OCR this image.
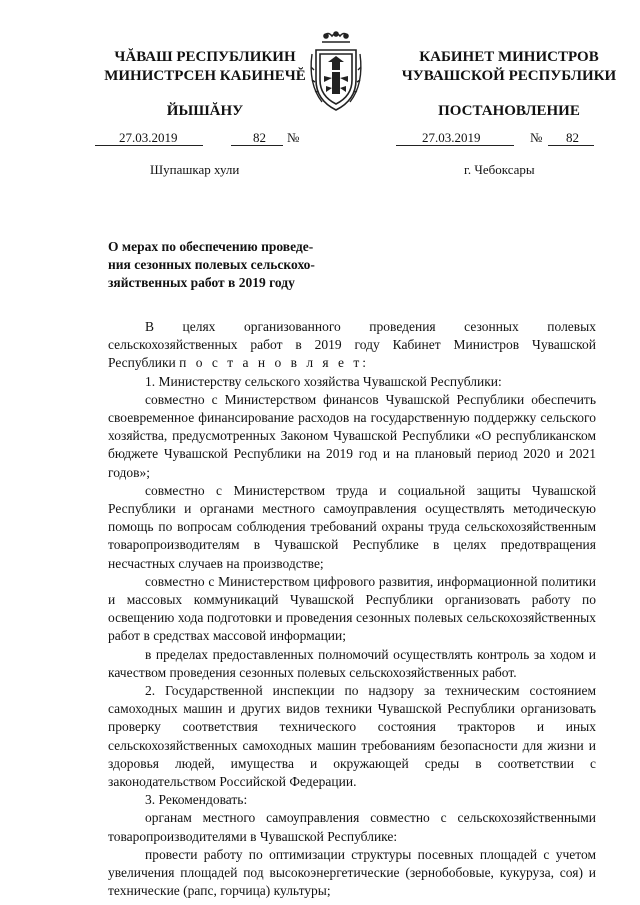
ЧĂВАШ РЕСПУБЛИКИН
МИНИСТРСЕН КАБИНЕЧĔ
ЙЫШĂНУ
КАБИНЕТ МИНИСТРОВ
ЧУВАШСКОЙ РЕСПУБЛИКИ
ПОСТАНОВЛЕНИЕ
27.03.2019	82 №	27.03.2019	№ 82
Шупашкар хули	г. Чебоксары
О мерах по обеспечению проведе-
ния сезонных полевых сельскохо-
зяйственных работ в 2019 году

В целях организованного проведения сезонных полевых сельскохозяйственных работ в 2019 году Кабинет Министров Чувашской Республики п о с т а н о в л я е т:

1. Министерству сельского хозяйства Чувашской Республики:

совместно с Министерством финансов Чувашской Республики обеспечить своевременное финансирование расходов на государственную поддержку сельского хозяйства, предусмотренных Законом Чувашской Республики «О республиканском бюджете Чувашской Республики на 2019 год и на плановый период 2020 и 2021 годов»;

совместно с Министерством труда и социальной защиты Чувашской Республики и органами местного самоуправления осуществлять методическую помощь по вопросам соблюдения требований охраны труда сельскохозяйственным товаропроизводителям в Чувашской Республике в целях предотвращения несчастных случаев на производстве;

совместно с Министерством цифрового развития, информационной политики и массовых коммуникаций Чувашской Республики организовать работу по освещению хода подготовки и проведения сезонных полевых сельскохозяйственных работ в средствах массовой информации;

в пределах предоставленных полномочий осуществлять контроль за ходом и качеством проведения сезонных полевых сельскохозяйственных работ.

2. Государственной инспекции по надзору за техническим состоянием самоходных машин и других видов техники Чувашской Республики организовать проверку соответствия технического состояния тракторов и иных сельскохозяйственных самоходных машин требованиям безопасности для жизни и здоровья людей, имущества и окружающей среды в соответствии с законодательством Российской Федерации.

3. Рекомендовать:

органам местного самоуправления совместно с сельскохозяйственными товаропроизводителями в Чувашской Республике:

провести работу по оптимизации структуры посевных площадей с учетом увеличения площадей под высокоэнергетические (зернобобовые, кукуруза, соя) и технические (рапс, горчица) культуры;
